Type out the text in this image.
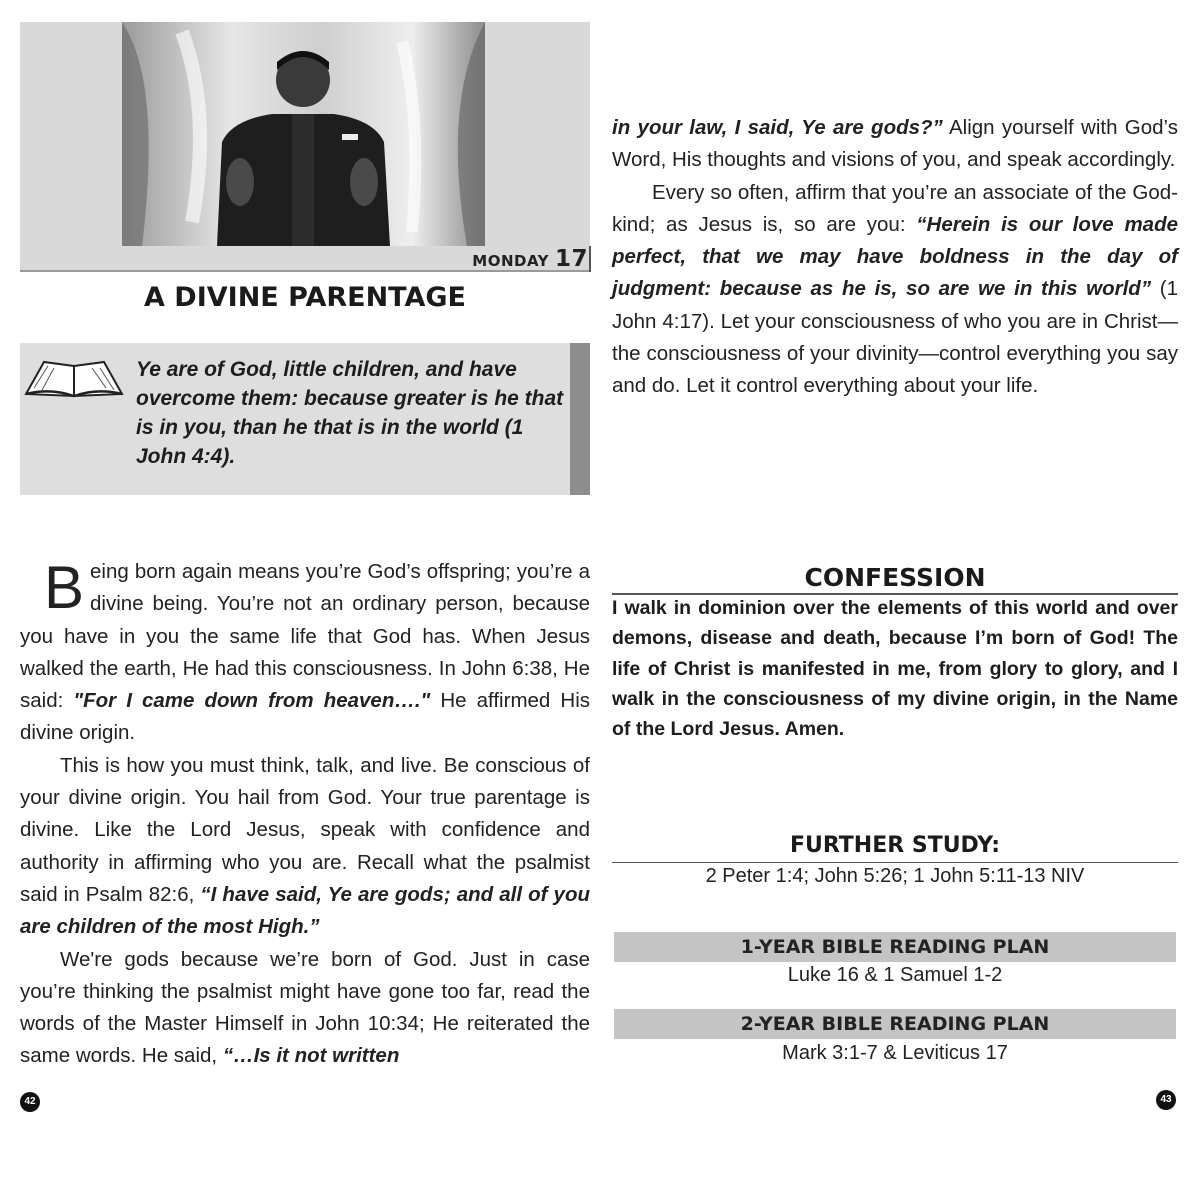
MONDAY 17
A DIVINE PARENTAGE
Ye are of God, little children, and have overcome them: because greater is he that is in you, than he that is in the world (1 John 4:4).

Being born again means you’re God’s offspring; you’re a divine being. You’re not an ordinary person, because you have in you the same life that God has. When Jesus walked the earth, He had this consciousness. In John 6:38, He said: "For I came down from heaven…." He affirmed His divine origin.

This is how you must think, talk, and live. Be conscious of your divine origin. You hail from God. Your true parentage is divine. Like the Lord Jesus, speak with confidence and authority in affirming who you are. Recall what the psalmist said in Psalm 82:6, “I have said, Ye are gods; and all of you are children of the most High.”

We're gods because we’re born of God. Just in case you’re thinking the psalmist might have gone too far, read the words of the Master Himself in John 10:34; He reiterated the same words. He said, “…Is it not written

in your law, I said, Ye are gods?” Align yourself with God’s Word, His thoughts and visions of you, and speak accordingly.

Every so often, affirm that you’re an associate of the God-kind; as Jesus is, so are you: “Herein is our love made perfect, that we may have boldness in the day of judgment: because as he is, so are we in this world” (1 John 4:17). Let your consciousness of who you are in Christ—the consciousness of your divinity—control everything you say and do. Let it control everything about your life.

CONFESSION
I walk in dominion over the elements of this world and over demons, disease and death, because I’m born of God! The life of Christ is manifested in me, from glory to glory, and I walk in the consciousness of my divine origin, in the Name of the Lord Jesus. Amen.
FURTHER STUDY:
2 Peter 1:4; John 5:26; 1 John 5:11-13 NIV
1-YEAR BIBLE READING PLAN
Luke 16 & 1 Samuel 1-2
2-YEAR BIBLE READING PLAN
Mark 3:1-7 & Leviticus 17
42	43
